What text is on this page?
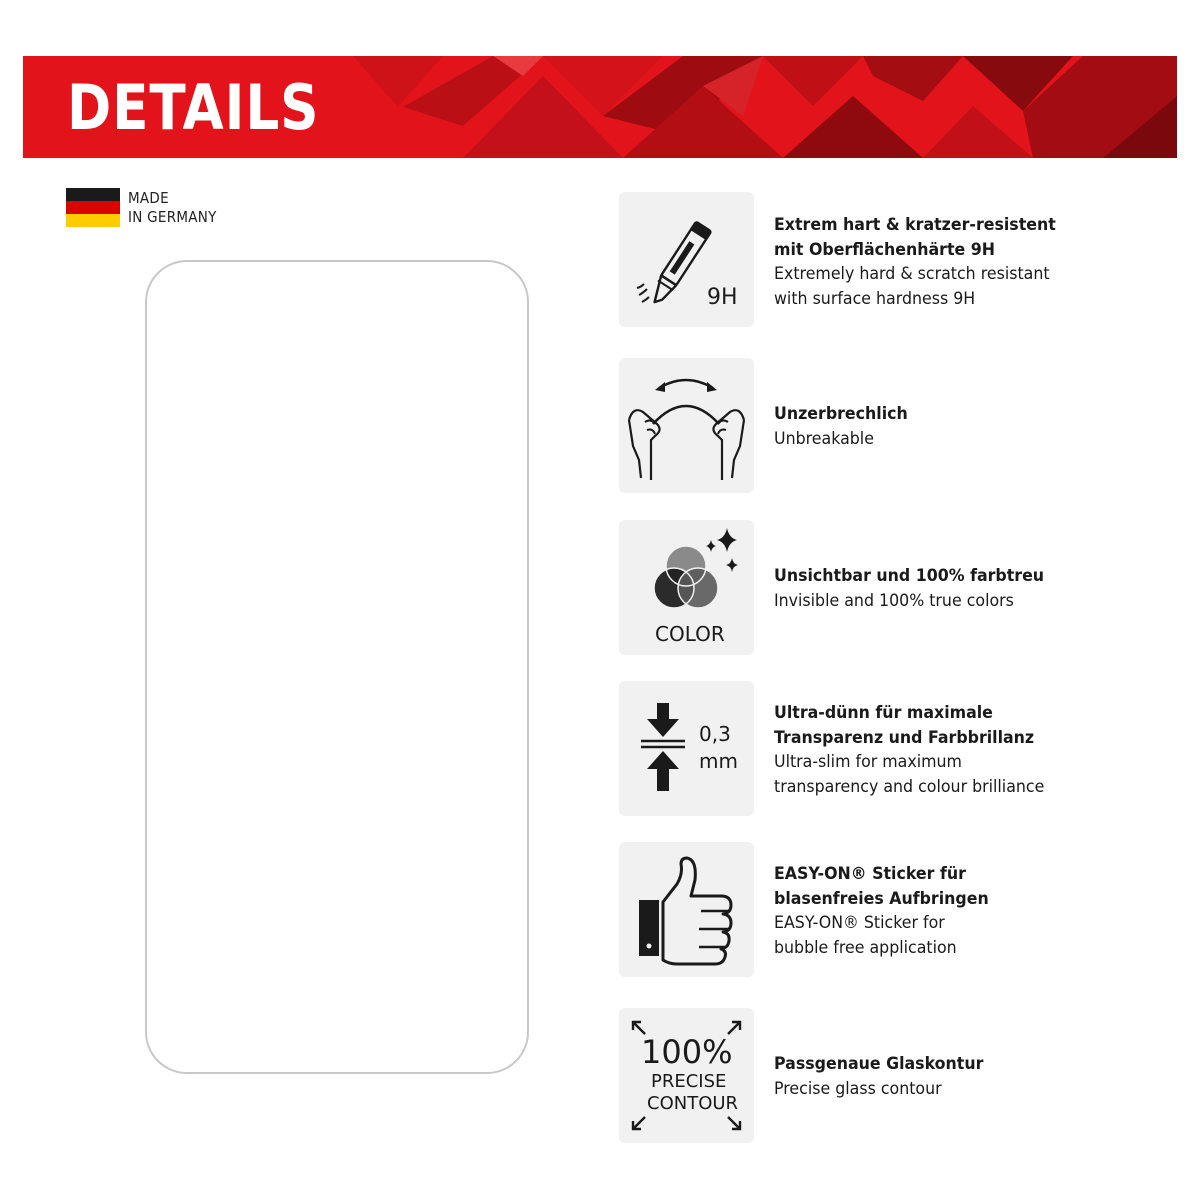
DETAILS
MADE
IN GERMANY
9H
Extrem hart & kratzer-resistent
mit Oberflächenhärte 9H
Extremely hard & scratch resistant
with surface hardness 9H
Unzerbrechlich
Unbreakable
COLOR
Unsichtbar und 100% farbtreu
Invisible and 100% true colors
0,3
mm
Ultra-dünn für maximale
Transparenz und Farbbrillanz
Ultra-slim for maximum
transparency and colour brilliance
EASY-ON® Sticker für
blasenfreies Aufbringen
EASY-ON® Sticker for
bubble free application
100%
PRECISE
CONTOUR
Passgenaue Glaskontur
Precise glass contour
